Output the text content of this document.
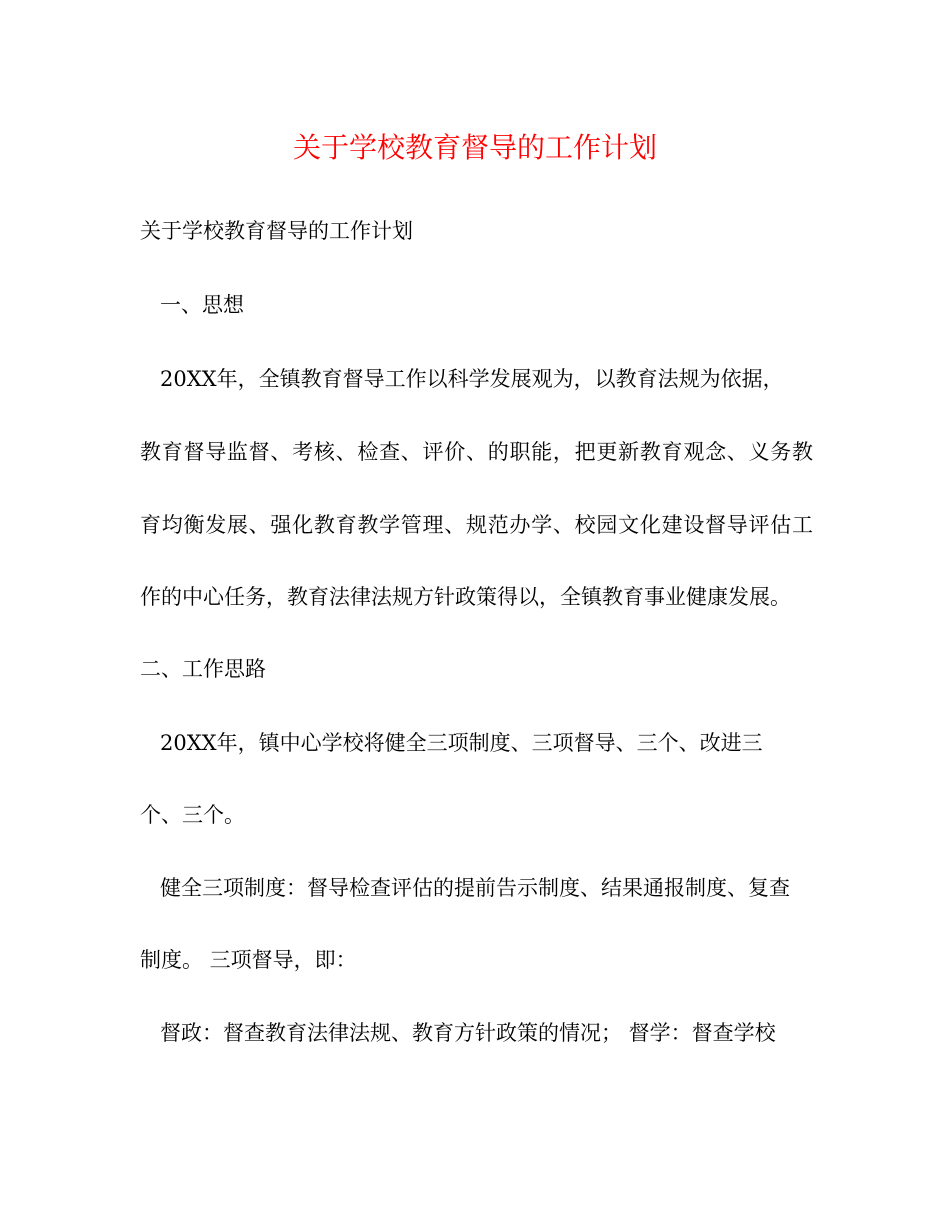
关于学校教育督导的工作计划

关于学校教育督导的工作计划

一、思想

20XX年，全镇教育督导工作以科学发展观为，以教育法规为依据，

教育督导监督、考核、检查、评价、的职能，把更新教育观念、义务教

育均衡发展、强化教育教学管理、规范办学、校园文化建设督导评估工

作的中心任务，教育法律法规方针政策得以，全镇教育事业健康发展。

二、工作思路

20XX年，镇中心学校将健全三项制度、三项督导、三个、改进三

个、三个。

健全三项制度：督导检查评估的提前告示制度、结果通报制度、复查

制度。 三项督导，即：

督政：督查教育法律法规、教育方针政策的情况； 督学：督查学校
